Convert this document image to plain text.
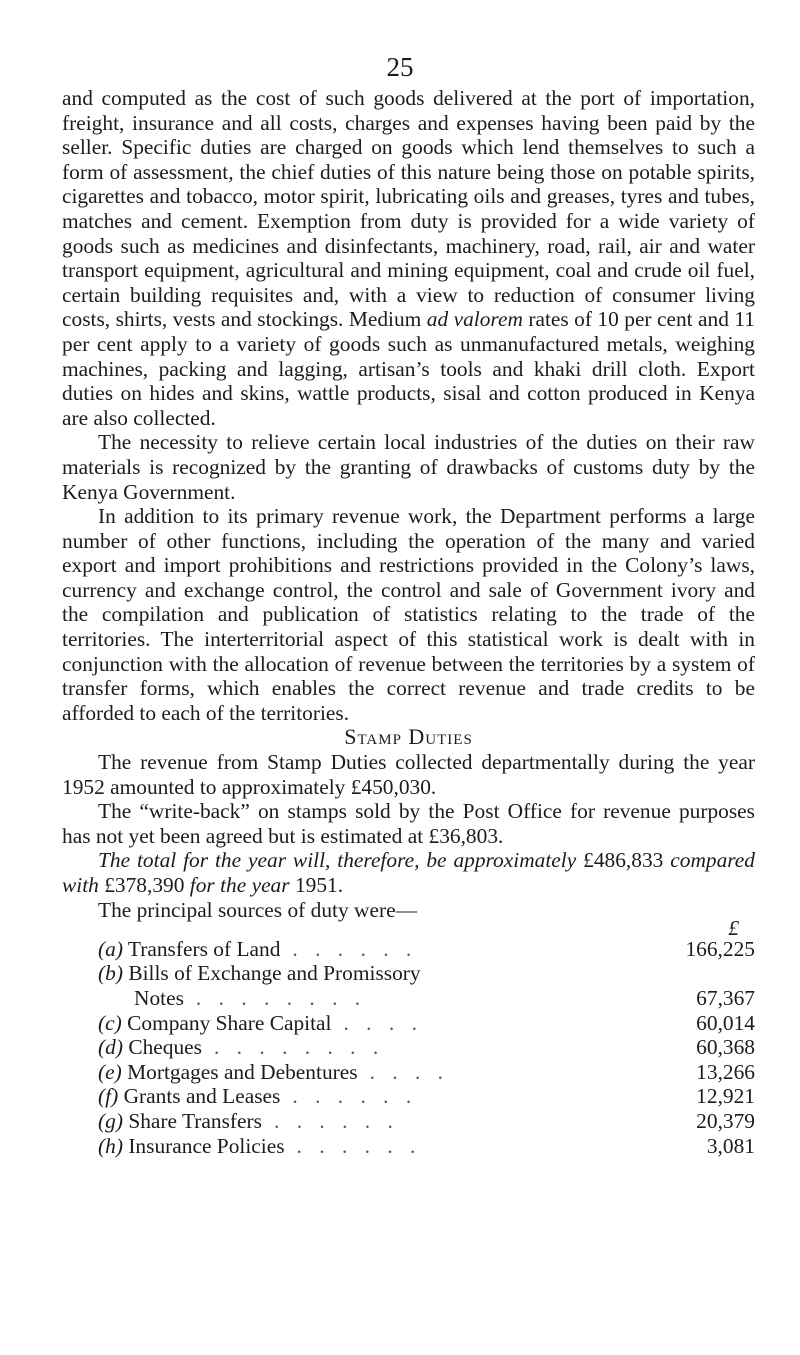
25

and computed as the cost of such goods delivered at the port of importation, freight, insurance and all costs, charges and expenses having been paid by the seller. Specific duties are charged on goods which lend themselves to such a form of assessment, the chief duties of this nature being those on potable spirits, cigarettes and tobacco, motor spirit, lubricating oils and greases, tyres and tubes, matches and cement. Exemption from duty is provided for a wide variety of goods such as medicines and disinfectants, machinery, road, rail, air and water transport equipment, agricultural and mining equipment, coal and crude oil fuel, certain building requisites and, with a view to reduction of consumer living costs, shirts, vests and stockings. Medium ad valorem rates of 10 per cent and 11 per cent apply to a variety of goods such as unmanufactured metals, weighing machines, packing and lagging, artisan’s tools and khaki drill cloth. Export duties on hides and skins, wattle products, sisal and cotton produced in Kenya are also collected.

The necessity to relieve certain local industries of the duties on their raw materials is recognized by the granting of drawbacks of customs duty by the Kenya Government.

In addition to its primary revenue work, the Department performs a large number of other functions, including the operation of the many and varied export and import prohibitions and restrictions provided in the Colony’s laws, currency and exchange control, the control and sale of Government ivory and the compilation and publication of statistics relating to the trade of the territories. The interterritorial aspect of this statistical work is dealt with in conjunction with the allocation of revenue between the territories by a system of transfer forms, which enables the correct revenue and trade credits to be afforded to each of the territories.

Stamp Duties

The revenue from Stamp Duties collected departmentally during the year 1952 amounted to approximately £450,030.

The “write-back” on stamps sold by the Post Office for revenue purposes has not yet been agreed but is estimated at £36,803.

The total for the year will, therefore, be approximately £486,833 compared with £378,390 for the year 1951.

The principal sources of duty were—

£
(a) Transfers of Land . . . . . .	166,225
(b) Bills of Exchange and Promissory
Notes . . . . . . . .	67,367
(c) Company Share Capital . . . .	60,014
(d) Cheques . . . . . . . .	60,368
(e) Mortgages and Debentures . . . .	13,266
(f) Grants and Leases . . . . . .	12,921
(g) Share Transfers . . . . . .	20,379
(h) Insurance Policies . . . . . .	3,081
